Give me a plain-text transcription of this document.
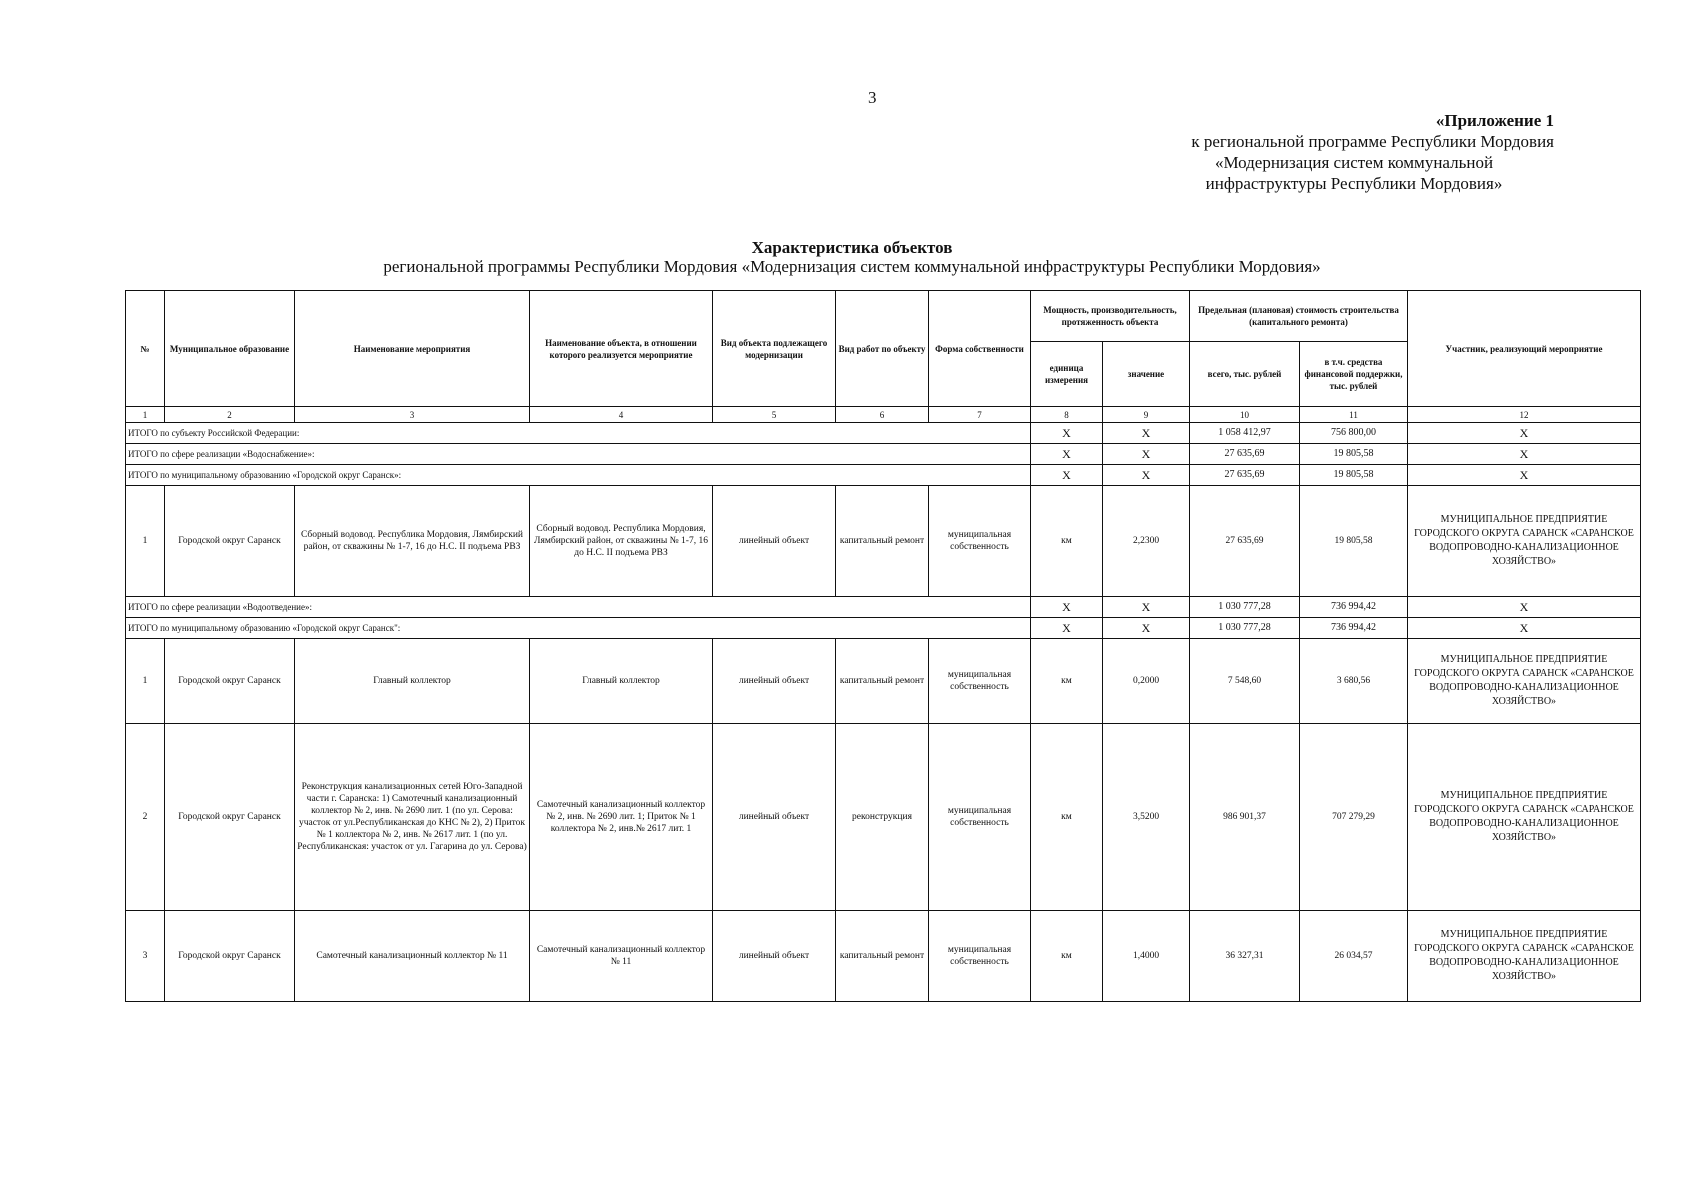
3
«Приложение 1
к региональной программе Республики Мордовия
«Модернизация систем коммунальной
инфраструктуры Республики Мордовия»
Характеристика объектов
региональной программы Республики Мордовия «Модернизация систем коммунальной инфраструктуры Республики Мордовия»
№	Муниципальное образование	Наименование мероприятия	Наименование объекта, в отношении которого реализуется мероприятие	Вид объекта подлежащего модернизации	Вид работ по объекту	Форма собственности	Мощность, производительность, протяженность объекта		Предельная (плановая) стоимость строительства (капитального ремонта)		Участник, реализующий мероприятие
							единица измерения	значение	всего, тыс. рублей	в т.ч. средства финансовой поддержки, тыс. рублей	
1	2	3	4	5	6	7	8	9	10	11	12
ИТОГО по субъекту Российской Федерации:							X	X	1 058 412,97	756 800,00	X
ИТОГО по сфере реализации «Водоснабжение»:							X	X	27 635,69	19 805,58	X
ИТОГО по муниципальному образованию «Городской округ Саранск»:							X	X	27 635,69	19 805,58	X
1	Городской округ Саранск	Сборный водовод. Республика Мордовия, Лямбирский район, от скважины № 1-7, 16 до Н.С. II подъема РВЗ	Сборный водовод. Республика Мордовия, Лямбирский район, от скважины № 1-7, 16 до Н.С. II подъема РВЗ	линейный объект	капитальный ремонт	муниципальная собственность	км	2,2300	27 635,69	19 805,58	МУНИЦИПАЛЬНОЕ ПРЕДПРИЯТИЕ ГОРОДСКОГО ОКРУГА САРАНСК «САРАНСКОЕ ВОДОПРОВОДНО-КАНАЛИЗАЦИОННОЕ ХОЗЯЙСТВО»
ИТОГО по сфере реализации «Водоотведение»:							X	X	1 030 777,28	736 994,42	X
ИТОГО по муниципальному образованию «Городской округ Саранск":							X	X	1 030 777,28	736 994,42	X
1	Городской округ Саранск	Главный коллектор	Главный коллектор	линейный объект	капитальный ремонт	муниципальная собственность	км	0,2000	7 548,60	3 680,56	МУНИЦИПАЛЬНОЕ ПРЕДПРИЯТИЕ ГОРОДСКОГО ОКРУГА САРАНСК «САРАНСКОЕ ВОДОПРОВОДНО-КАНАЛИЗАЦИОННОЕ ХОЗЯЙСТВО»
2	Городской округ Саранск	Реконструкция канализационных сетей Юго-Западной части г. Саранска: 1) Самотечный канализационный коллектор № 2, инв. № 2690 лит. 1 (по ул. Серова: участок от ул.Республиканская до КНС № 2), 2) Приток № 1 коллектора № 2, инв. № 2617 лит. 1 (по ул. Республиканская: участок от ул. Гагарина до ул. Серова)	Самотечный канализационный коллектор № 2, инв. № 2690 лит. 1; Приток № 1 коллектора № 2, инв.№ 2617 лит. 1	линейный объект	реконструкция	муниципальная собственность	км	3,5200	986 901,37	707 279,29	МУНИЦИПАЛЬНОЕ ПРЕДПРИЯТИЕ ГОРОДСКОГО ОКРУГА САРАНСК «САРАНСКОЕ ВОДОПРОВОДНО-КАНАЛИЗАЦИОННОЕ ХОЗЯЙСТВО»
3	Городской округ Саранск	Самотечный канализационный коллектор № 11	Самотечный канализационный коллектор № 11	линейный объект	капитальный ремонт	муниципальная собственность	км	1,4000	36 327,31	26 034,57	МУНИЦИПАЛЬНОЕ ПРЕДПРИЯТИЕ ГОРОДСКОГО ОКРУГА САРАНСК «САРАНСКОЕ ВОДОПРОВОДНО-КАНАЛИЗАЦИОННОЕ ХОЗЯЙСТВО»
